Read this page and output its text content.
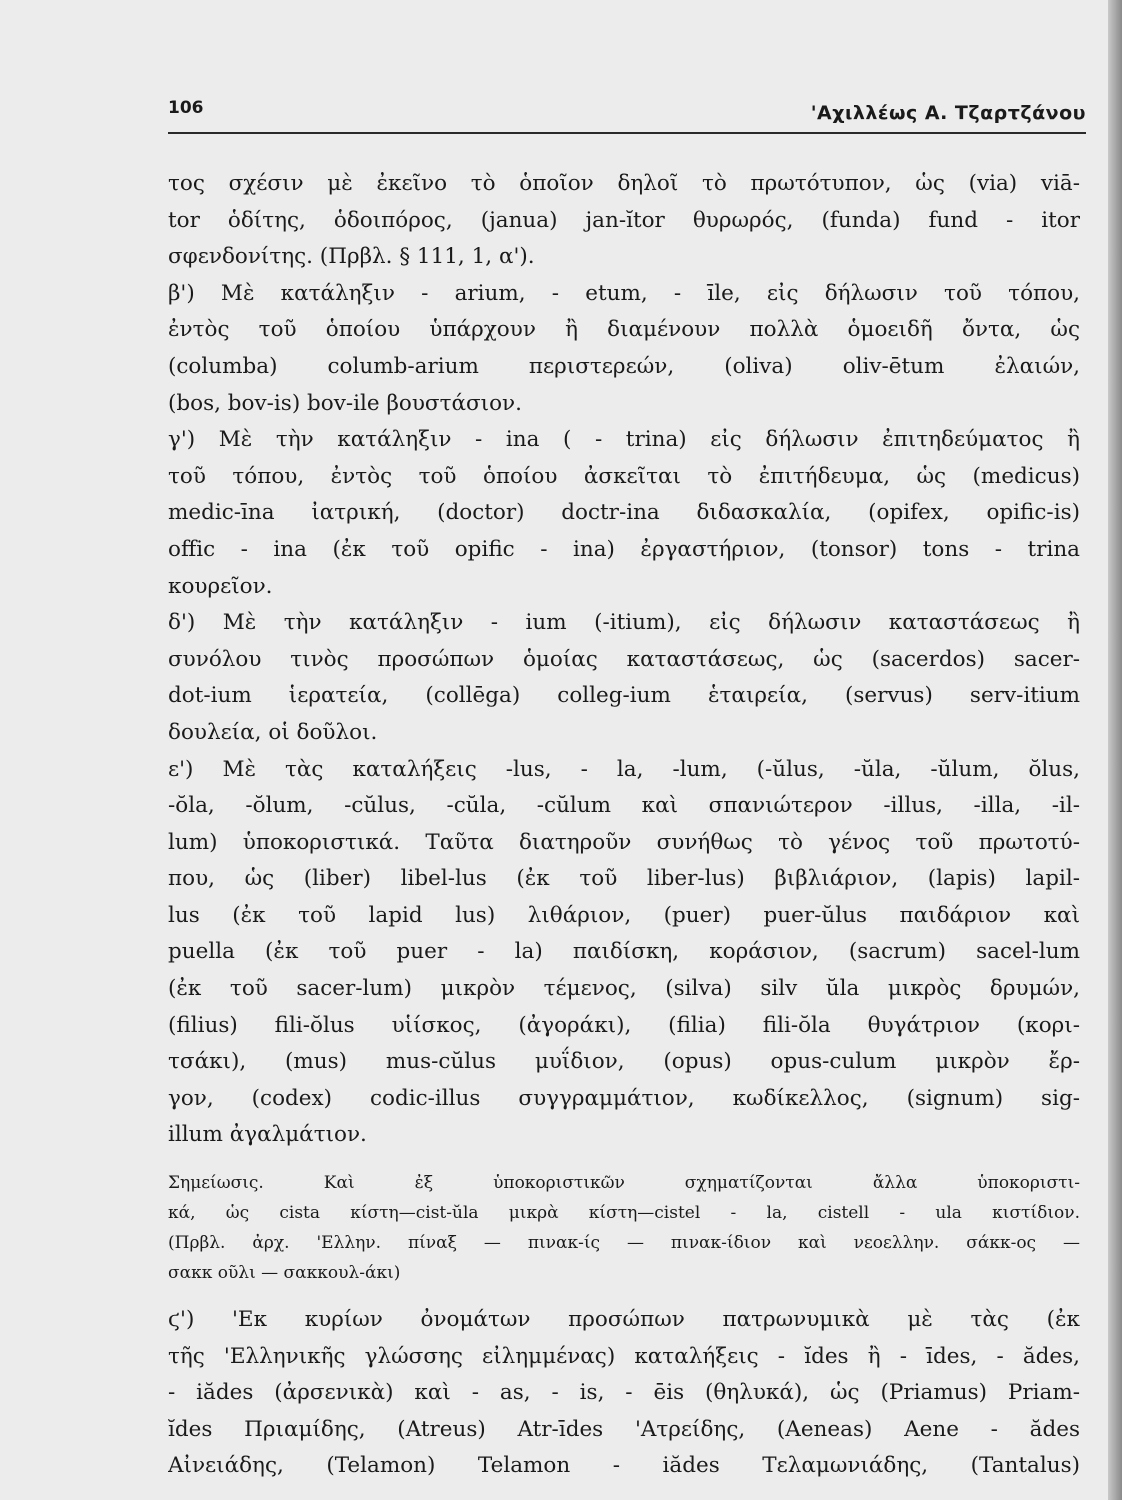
106	'Αχιλλέως Α. Τζαρτζάνου
τος σχέσιν μὲ ἐκεῖνο τὸ ὁποῖον δηλοῖ τὸ πρωτότυπον, ὡς (via) viā-
tor ὁδίτης, ὁδοιπόρος, (janua) jan-ĭtor θυρωρός, (funda) fund - itor
σφενδονίτης. (Πρβλ. § 111, 1, α').
β') Μὲ κατάληξιν - arium, - etum, - īle, εἰς δήλωσιν τοῦ τόπου,
ἐντὸς τοῦ ὁποίου ὑπάρχουν ἢ διαμένουν πολλὰ ὁμοειδῆ ὄντα, ὡς
(columba) columb-arium περιστερεών, (oliva) oliv-ētum ἐλαιών,
(bos, bov-is) bov-ile βουστάσιον.
γ') Μὲ τὴν κατάληξιν - ina ( - trina) εἰς δήλωσιν ἐπιτηδεύματος ἢ
τοῦ τόπου, ἐντὸς τοῦ ὁποίου ἀσκεῖται τὸ ἐπιτήδευμα, ὡς (medicus)
medic-īna ἰατρική, (doctor) doctr-ina διδασκαλία, (opifex, opific-is)
offic - ina (ἐκ τοῦ opific - ina) ἐργαστήριον, (tonsor) tons - trina
κουρεῖον.
δ') Μὲ τὴν κατάληξιν - ium (-itium), εἰς δήλωσιν καταστάσεως ἢ
συνόλου τινὸς προσώπων ὁμοίας καταστάσεως, ὡς (sacerdos) sacer-
dot-ium ἱερατεία, (collēga) colleg-ium ἑταιρεία, (servus) serv-itium
δουλεία, οἱ δοῦλοι.
ε') Μὲ τὰς καταλήξεις -lus, - la, -lum, (-ŭlus, -ŭla, -ŭlum, ŏlus,
-ŏla, -ŏlum, -cŭlus, -cŭla, -cŭlum καὶ σπανιώτερον -illus, -illa, -il-
lum) ὑποκοριστικά. Ταῦτα διατηροῦν συνήθως τὸ γένος τοῦ πρωτοτύ-
που, ὡς (liber) libel-lus (ἐκ τοῦ liber-lus) βιβλιάριον, (lapis) lapil-
lus (ἐκ τοῦ lapid lus) λιθάριον, (puer) puer-ŭlus παιδάριον καὶ
puella (ἐκ τοῦ puer - la) παιδίσκη, κοράσιον, (sacrum) sacel-lum
(ἐκ τοῦ sacer-lum) μικρὸν τέμενος, (silva) silv ŭla μικρὸς δρυμών,
(filius) fili-ŏlus υἱίσκος, (ἀγοράκι), (filia) fili-ŏla θυγάτριον (κορι-
τσάκι), (mus) mus-cŭlus μυΐδιον, (opus) opus-culum μικρὸν ἔρ-
γον, (codex) codic-illus συγγραμμάτιον, κωδίκελλος, (signum) sig-
illum ἀγαλμάτιον.
Σημείωσις. Καὶ ἐξ ὑποκοριστικῶν σχηματίζονται ἄλλα ὑποκοριστι-
κά, ὡς cista κίστη—cist-ŭla μικρὰ κίστη—cistel - la, cistell - ula κιστίδιον.
(Πρβλ. ἀρχ. 'Ελλην. πίναξ — πινακ-ίς — πινακ-ίδιον καὶ νεοελλην. σάκκ-ος —
σακκ οῦλι — σακκουλ-άκι)
ϛ') 'Εκ κυρίων ὀνομάτων προσώπων πατρωνυμικὰ μὲ τὰς (ἐκ
τῆς 'Ελληνικῆς γλώσσης εἰλημμένας) καταλήξεις - ĭdes ἢ - īdes, - ădes,
- iădes (ἀρσενικὰ) καὶ - as, - is, - ēis (θηλυκά), ὡς (Priamus) Priam-
ĭdes Πριαμίδης, (Atreus) Atr-īdes 'Ατρείδης, (Aeneas) Aene - ădes
Αἰνειάδης, (Telamon) Telamon - iădes Τελαμωνιάδης, (Tantalus)
